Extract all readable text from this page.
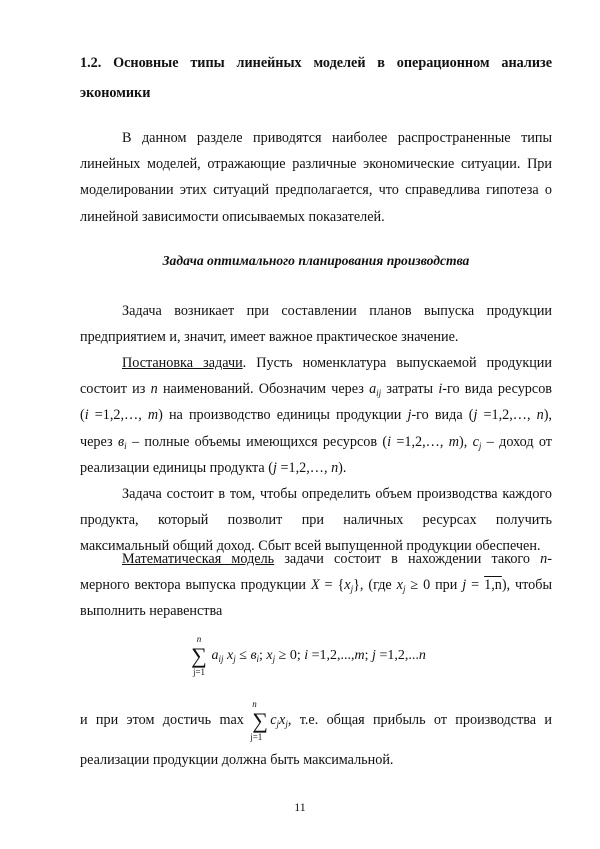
1.2. Основные типы линейных моделей в операционном анализе
экономики
В данном разделе приводятся наиболее распространенные типы
линейных моделей, отражающие различные экономические ситуации. При
моделировании этих ситуаций предполагается, что справедлива гипотеза о
линейной зависимости описываемых показателей.
Задача оптимального планирования производства
Задача возникает при составлении планов выпуска продукции
предприятием и, значит, имеет важное практическое значение.
Постановка задачи. Пусть номенклатура выпускаемой продукции
состоит из n наименований. Обозначим через $a_{ij}$ затраты i-го вида ресурсов
(i =1,2,…, m) на производство единицы продукции j-го вида (j =1,2,…, n),
через $в_i$ – полные объемы имеющихся ресурсов (i =1,2,…, m), $c_j$ – доход от
реализации единицы продукта (j =1,2,…, n).
Задача состоит в том, чтобы определить объем производства каждого
продукта, который позволит при наличных ресурсах получить
максимальный общий доход. Сбыт всей выпущенной продукции обеспечен.
Математическая модель задачи состоит в нахождении такого n-
мерного вектора выпуска продукции $X = \{x_j\}$, (где $x_j \ge 0$ при j = 1,n), чтобы
выполнить неравенства
∑
n
j=1
$a_{ij}$ $x_j \le в_i$; $x_j \ge 0$; i =1,2,...,m; j =1,2,...n
и при этом достичь max ∑
n
j=1
$c_jx_j$, т.е. общая прибыль от производства и
реализации продукции должна быть максимальной.
11
